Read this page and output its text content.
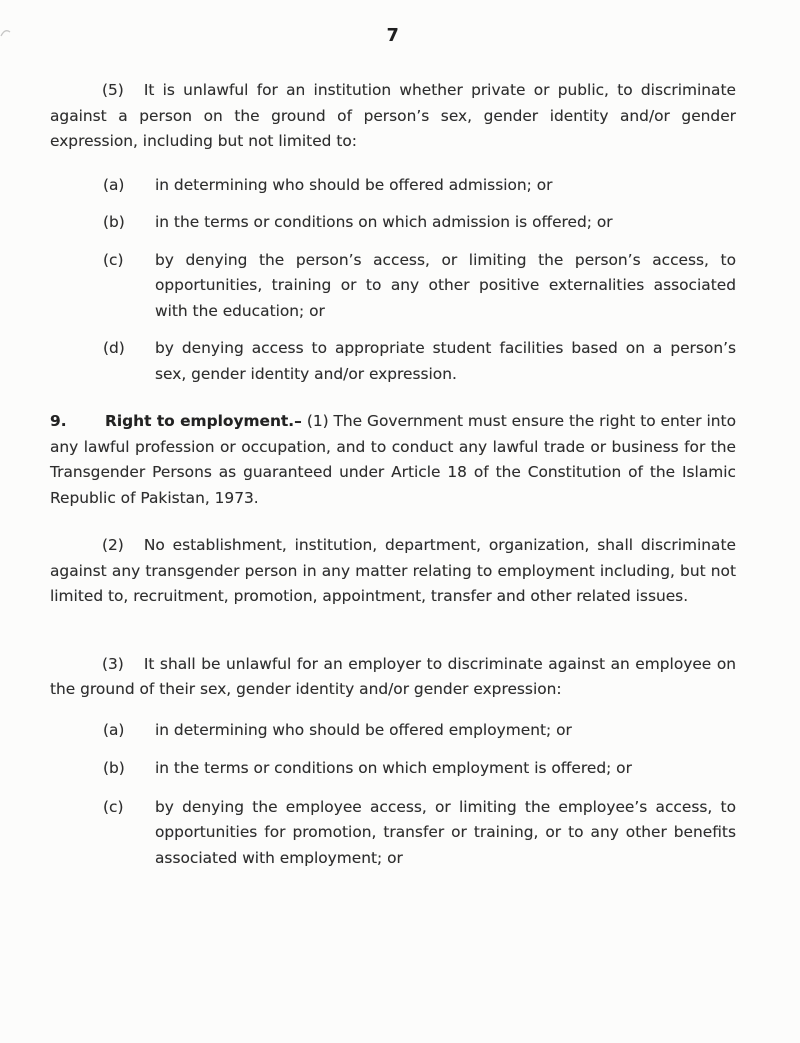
7

(5) It is unlawful for an institution whether private or public, to discriminate against a person on the ground of person’s sex, gender identity and/or gender expression, including but not limited to:

(a) in determining who should be offered admission; or
(b) in the terms or conditions on which admission is offered; or
(c) by denying the person’s access, or limiting the person’s access, to opportunities, training or to any other positive externalities associated with the education; or
(d) by denying access to appropriate student facilities based on a person’s sex, gender identity and/or expression.

9. Right to employment.– (1) The Government must ensure the right to enter into any lawful profession or occupation, and to conduct any lawful trade or business for the Transgender Persons as guaranteed under Article 18 of the Constitution of the Islamic Republic of Pakistan, 1973.

(2) No establishment, institution, department, organization, shall discriminate against any transgender person in any matter relating to employment including, but not limited to, recruitment, promotion, appointment, transfer and other related issues.

(3) It shall be unlawful for an employer to discriminate against an employee on the ground of their sex, gender identity and/or gender expression:

(a) in determining who should be offered employment; or
(b) in the terms or conditions on which employment is offered; or
(c) by denying the employee access, or limiting the employee’s access, to opportunities for promotion, transfer or training, or to any other benefits associated with employment; or
